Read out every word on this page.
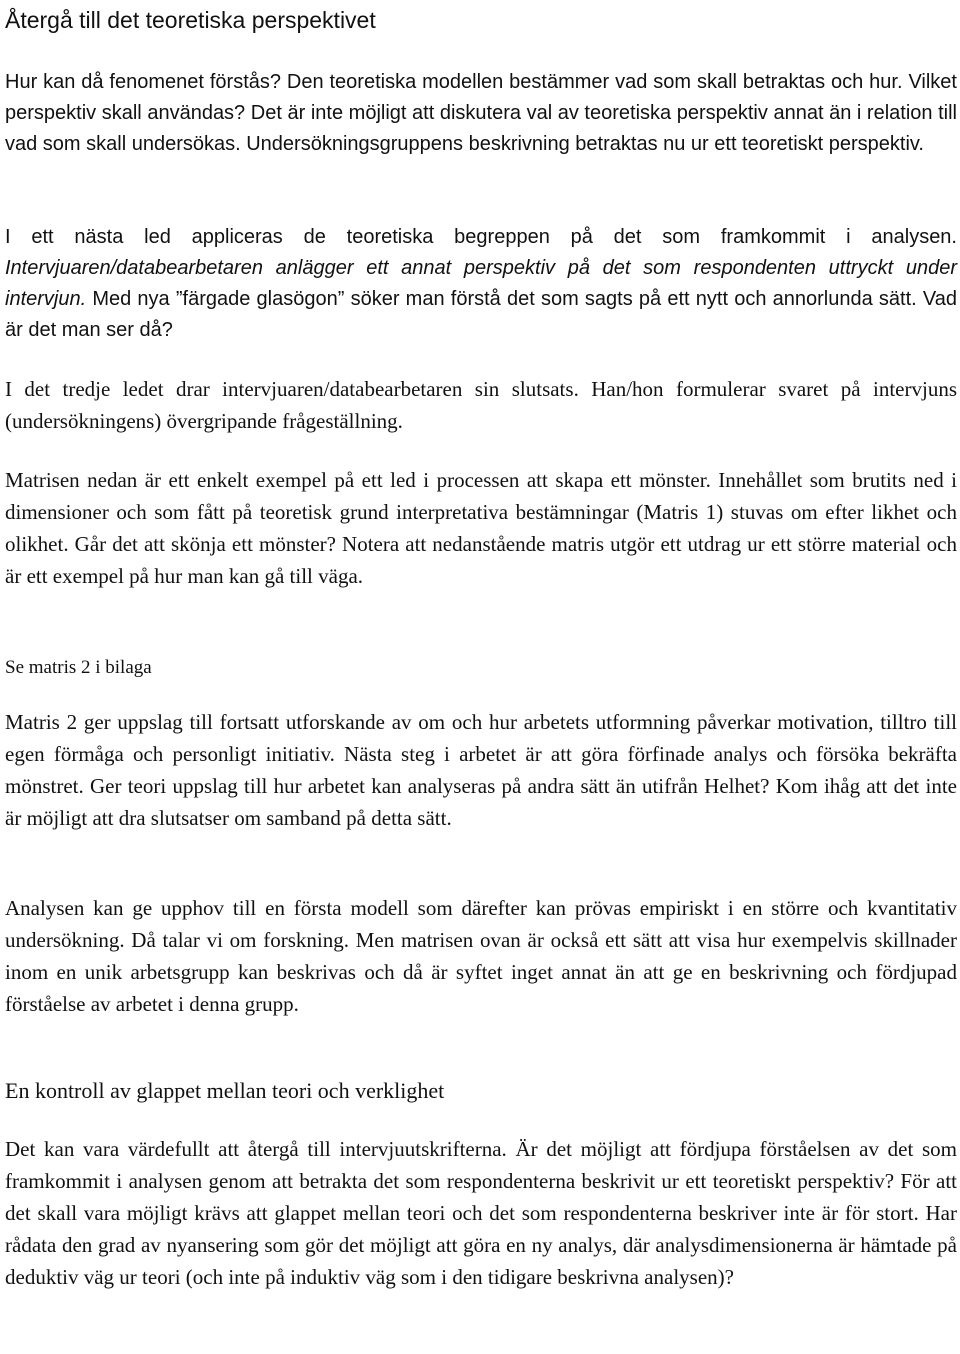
Återgå till det teoretiska perspektivet

Hur kan då fenomenet förstås? Den teoretiska modellen bestämmer vad som skall betraktas och hur. Vilket perspektiv skall användas? Det är inte möjligt att diskutera val av teoretiska perspektiv annat än i relation till vad som skall undersökas. Undersökningsgruppens beskrivning betraktas nu ur ett teoretiskt perspektiv.

I ett nästa led appliceras de teoretiska begreppen på det som framkommit i analysen. Intervjuaren/databearbetaren anlägger ett annat perspektiv på det som respondenten uttryckt under intervjun. Med nya ”färgade glasögon” söker man förstå det som sagts på ett nytt och annorlunda sätt. Vad är det man ser då?

I det tredje ledet drar intervjuaren/databearbetaren sin slutsats. Han/hon formulerar svaret på intervjuns (undersökningens) övergripande frågeställning.

Matrisen nedan är ett enkelt exempel på ett led i processen att skapa ett mönster. Innehållet som brutits ned i dimensioner och som fått på teoretisk grund interpretativa bestämningar (Matris 1) stuvas om efter likhet och olikhet. Går det att skönja ett mönster? Notera att nedanstående matris utgör ett utdrag ur ett större material och är ett exempel på hur man kan gå till väga.

Se matris 2 i bilaga

Matris 2 ger uppslag till fortsatt utforskande av om och hur arbetets utformning påverkar motivation, tilltro till egen förmåga och personligt initiativ. Nästa steg i arbetet är att göra förfinade analys och försöka bekräfta mönstret. Ger teori uppslag till hur arbetet kan analyseras på andra sätt än utifrån Helhet? Kom ihåg att det inte är möjligt att dra slutsatser om samband på detta sätt.

Analysen kan ge upphov till en första modell som därefter kan prövas empiriskt i en större och kvantitativ undersökning. Då talar vi om forskning. Men matrisen ovan är också ett sätt att visa hur exempelvis skillnader inom en unik arbetsgrupp kan beskrivas och då är syftet inget annat än att ge en beskrivning och fördjupad förståelse av arbetet i denna grupp.

En kontroll av glappet mellan teori och verklighet

Det kan vara värdefullt att återgå till intervjuutskrifterna. Är det möjligt att fördjupa förståelsen av det som framkommit i analysen genom att betrakta det som respondenterna beskrivit ur ett teoretiskt perspektiv? För att det skall vara möjligt krävs att glappet mellan teori och det som respondenterna beskriver inte är för stort. Har rådata den grad av nyansering som gör det möjligt att göra en ny analys, där analysdimensionerna är hämtade på deduktiv väg ur teori (och inte på induktiv väg som i den tidigare beskrivna analysen)?
